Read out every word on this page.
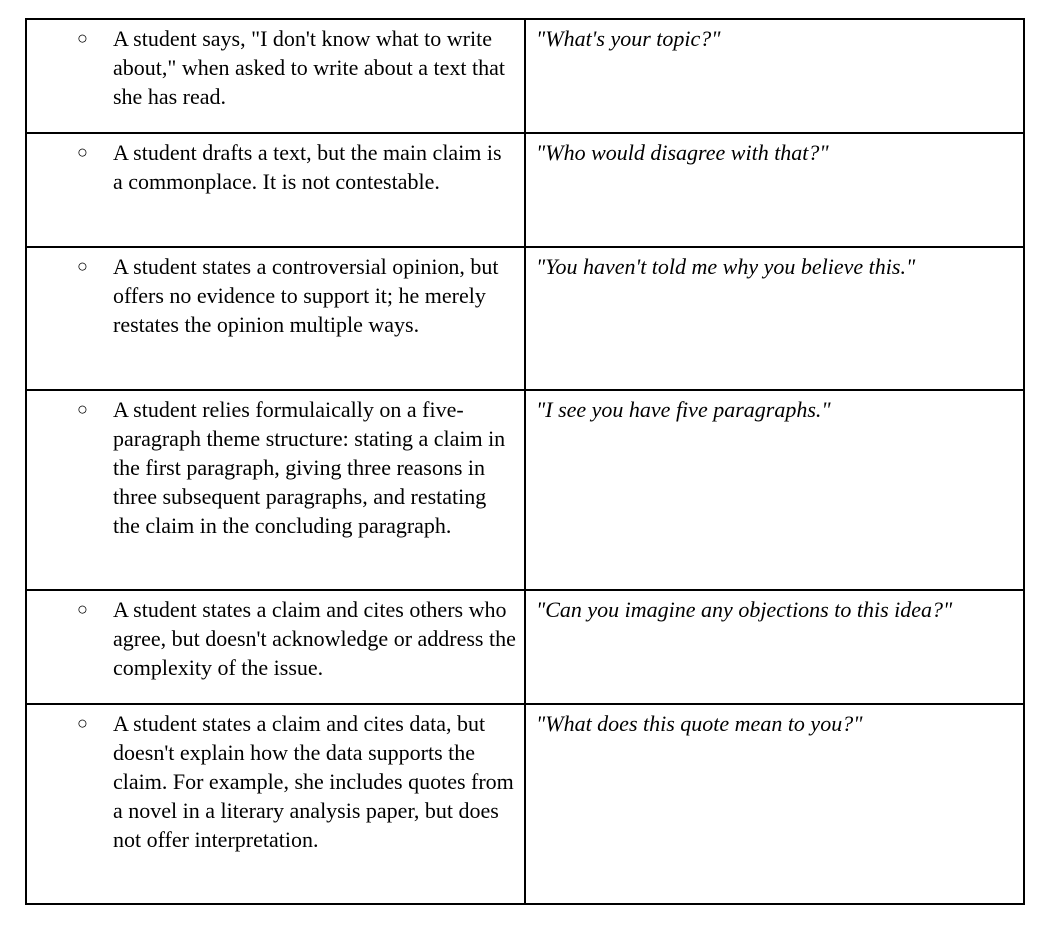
○ A student says, "I don't know what to write about," when asked to write about a text that she has read.	"What's your topic?"

○ A student drafts a text, but the main claim is a commonplace. It is not contestable.	"Who would disagree with that?"

○ A student states a controversial opinion, but offers no evidence to support it; he merely restates the opinion multiple ways.	"You haven't told me why you believe this."

○ A student relies formulaically on a five-paragraph theme structure: stating a claim in the first paragraph, giving three reasons in three subsequent paragraphs, and restating the claim in the concluding paragraph.	"I see you have five paragraphs."

○ A student states a claim and cites others who agree, but doesn't acknowledge or address the complexity of the issue.	"Can you imagine any objections to this idea?"

○ A student states a claim and cites data, but doesn't explain how the data supports the claim. For example, she includes quotes from a novel in a literary analysis paper, but does not offer interpretation.	"What does this quote mean to you?"
